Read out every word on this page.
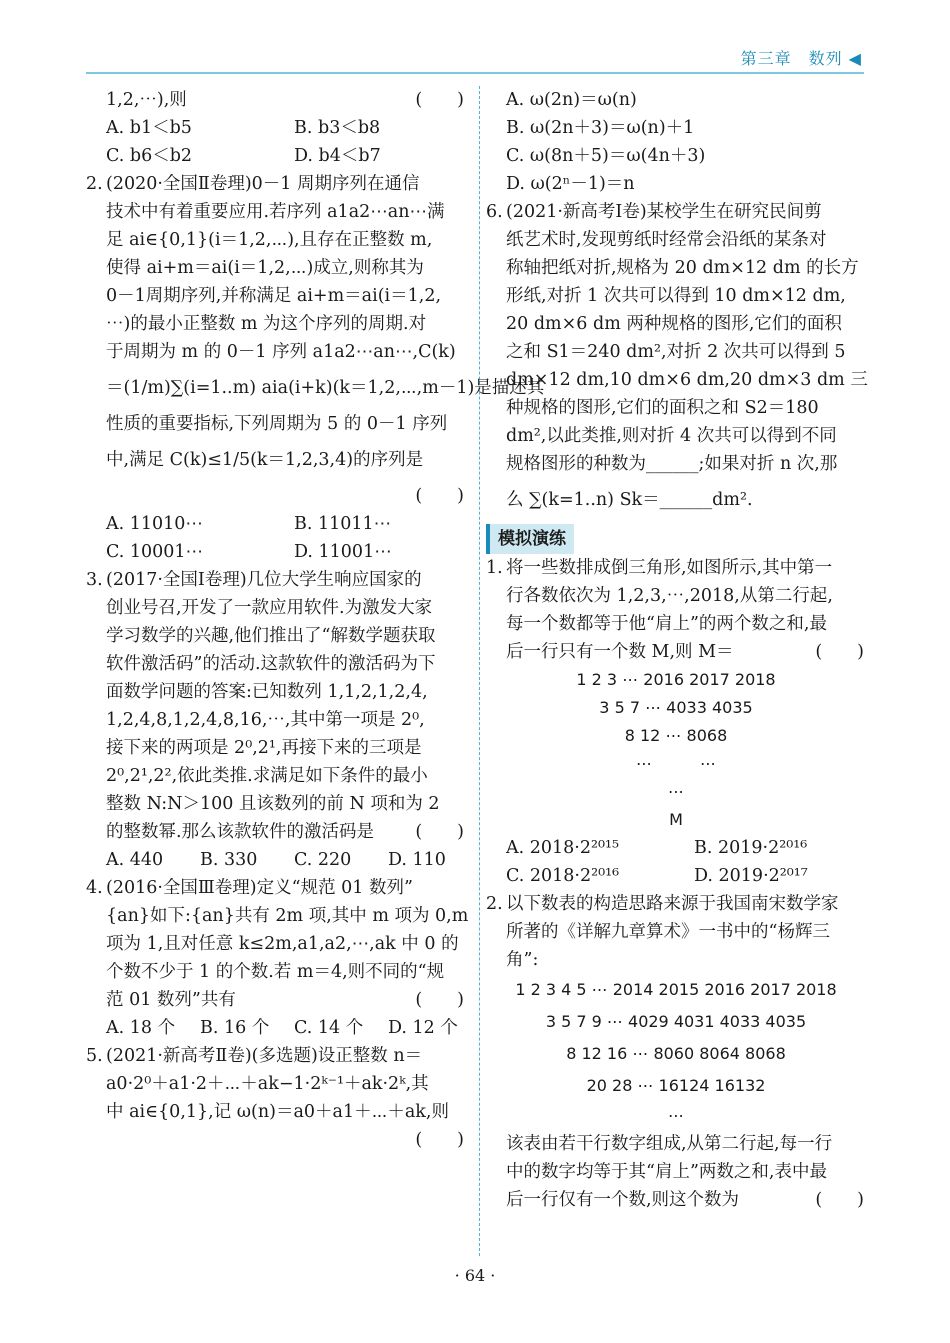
第三章　数列 ◀
1,2,⋯),则	(　　)
A. b1＜b5	B. b3＜b8
C. b6＜b2	D. b4＜b7
2. (2020·全国Ⅱ卷理)0－1 周期序列在通信
技术中有着重要应用.若序列 a1a2⋯an⋯满
足 ai∈{0,1}(i＝1,2,⋯),且存在正整数 m,
使得 ai+m＝ai(i＝1,2,⋯)成立,则称其为
0－1周期序列,并称满足 ai+m＝ai(i＝1,2,
⋯)的最小正整数 m 为这个序列的周期.对
于周期为 m 的 0－1 序列 a1a2⋯an⋯,C(k)
＝(1/m)∑(i=1..m) aia(i+k)(k＝1,2,⋯,m－1)是描述其
性质的重要指标,下列周期为 5 的 0－1 序列
中,满足 C(k)≤1/5(k＝1,2,3,4)的序列是
(　　)
A. 11010⋯	B. 11011⋯
C. 10001⋯	D. 11001⋯
3. (2017·全国Ⅰ卷理)几位大学生响应国家的
创业号召,开发了一款应用软件.为激发大家
学习数学的兴趣,他们推出了“解数学题获取
软件激活码”的活动.这款软件的激活码为下
面数学问题的答案:已知数列 1,1,2,1,2,4,
1,2,4,8,1,2,4,8,16,⋯,其中第一项是 2⁰,
接下来的两项是 2⁰,2¹,再接下来的三项是
2⁰,2¹,2²,依此类推.求满足如下条件的最小
整数 N:N＞100 且该数列的前 N 项和为 2
的整数幂.那么该款软件的激活码是 (　　)
A. 440 B. 330 C. 220 D. 110
4. (2016·全国Ⅲ卷理)定义“规范 01 数列”
{an}如下:{an}共有 2m 项,其中 m 项为 0,m
项为 1,且对任意 k≤2m,a1,a2,⋯,ak 中 0 的
个数不少于 1 的个数.若 m＝4,则不同的“规
范 01 数列”共有	(　　)
A. 18 个 B. 16 个 C. 14 个 D. 12 个
5. (2021·新高考Ⅱ卷)(多选题)设正整数 n＝
a0·2⁰＋a1·2＋⋯＋ak−1·2ᵏ⁻¹＋ak·2ᵏ,其
中 ai∈{0,1},记 ω(n)＝a0＋a1＋⋯＋ak,则
(　　)
A. ω(2n)＝ω(n)
B. ω(2n＋3)＝ω(n)＋1
C. ω(8n＋5)＝ω(4n＋3)
D. ω(2ⁿ－1)＝n
6. (2021·新高考Ⅰ卷)某校学生在研究民间剪
纸艺术时,发现剪纸时经常会沿纸的某条对
称轴把纸对折,规格为 20 dm×12 dm 的长方
形纸,对折 1 次共可以得到 10 dm×12 dm,
20 dm×6 dm 两种规格的图形,它们的面积
之和 S1＝240 dm²,对折 2 次共可以得到 5
dm×12 dm,10 dm×6 dm,20 dm×3 dm 三
种规格的图形,它们的面积之和 S2＝180
dm²,以此类推,则对折 4 次共可以得到不同
规格图形的种数为______;如果对折 n 次,那
么 ∑(k=1..n) Sk＝______dm².
模拟演练
1. 将一些数排成倒三角形,如图所示,其中第一
行各数依次为 1,2,3,⋯,2018,从第二行起,
每一个数都等于他“肩上”的两个数之和,最
后一行只有一个数 M,则 M＝	(　　)
1 2 3 ⋯ 2016 2017 2018
3 5 7 ⋯ 4033 4035
8 12 ⋯ 8068
⋯　　　⋯
⋯
M
A. 2018·2²⁰¹⁵	B. 2019·2²⁰¹⁶
C. 2018·2²⁰¹⁶	D. 2019·2²⁰¹⁷
2. 以下数表的构造思路来源于我国南宋数学家
所著的《详解九章算术》一书中的“杨辉三
角”:
1 2 3 4 5 ⋯ 2014 2015 2016 2017 2018
3 5 7 9 ⋯ 4029 4031 4033 4035
8 12 16 ⋯ 8060 8064 8068
20 28 ⋯ 16124 16132
⋯
该表由若干行数字组成,从第二行起,每一行
中的数字均等于其“肩上”两数之和,表中最
后一行仅有一个数,则这个数为	(　　)
· 64 ·
